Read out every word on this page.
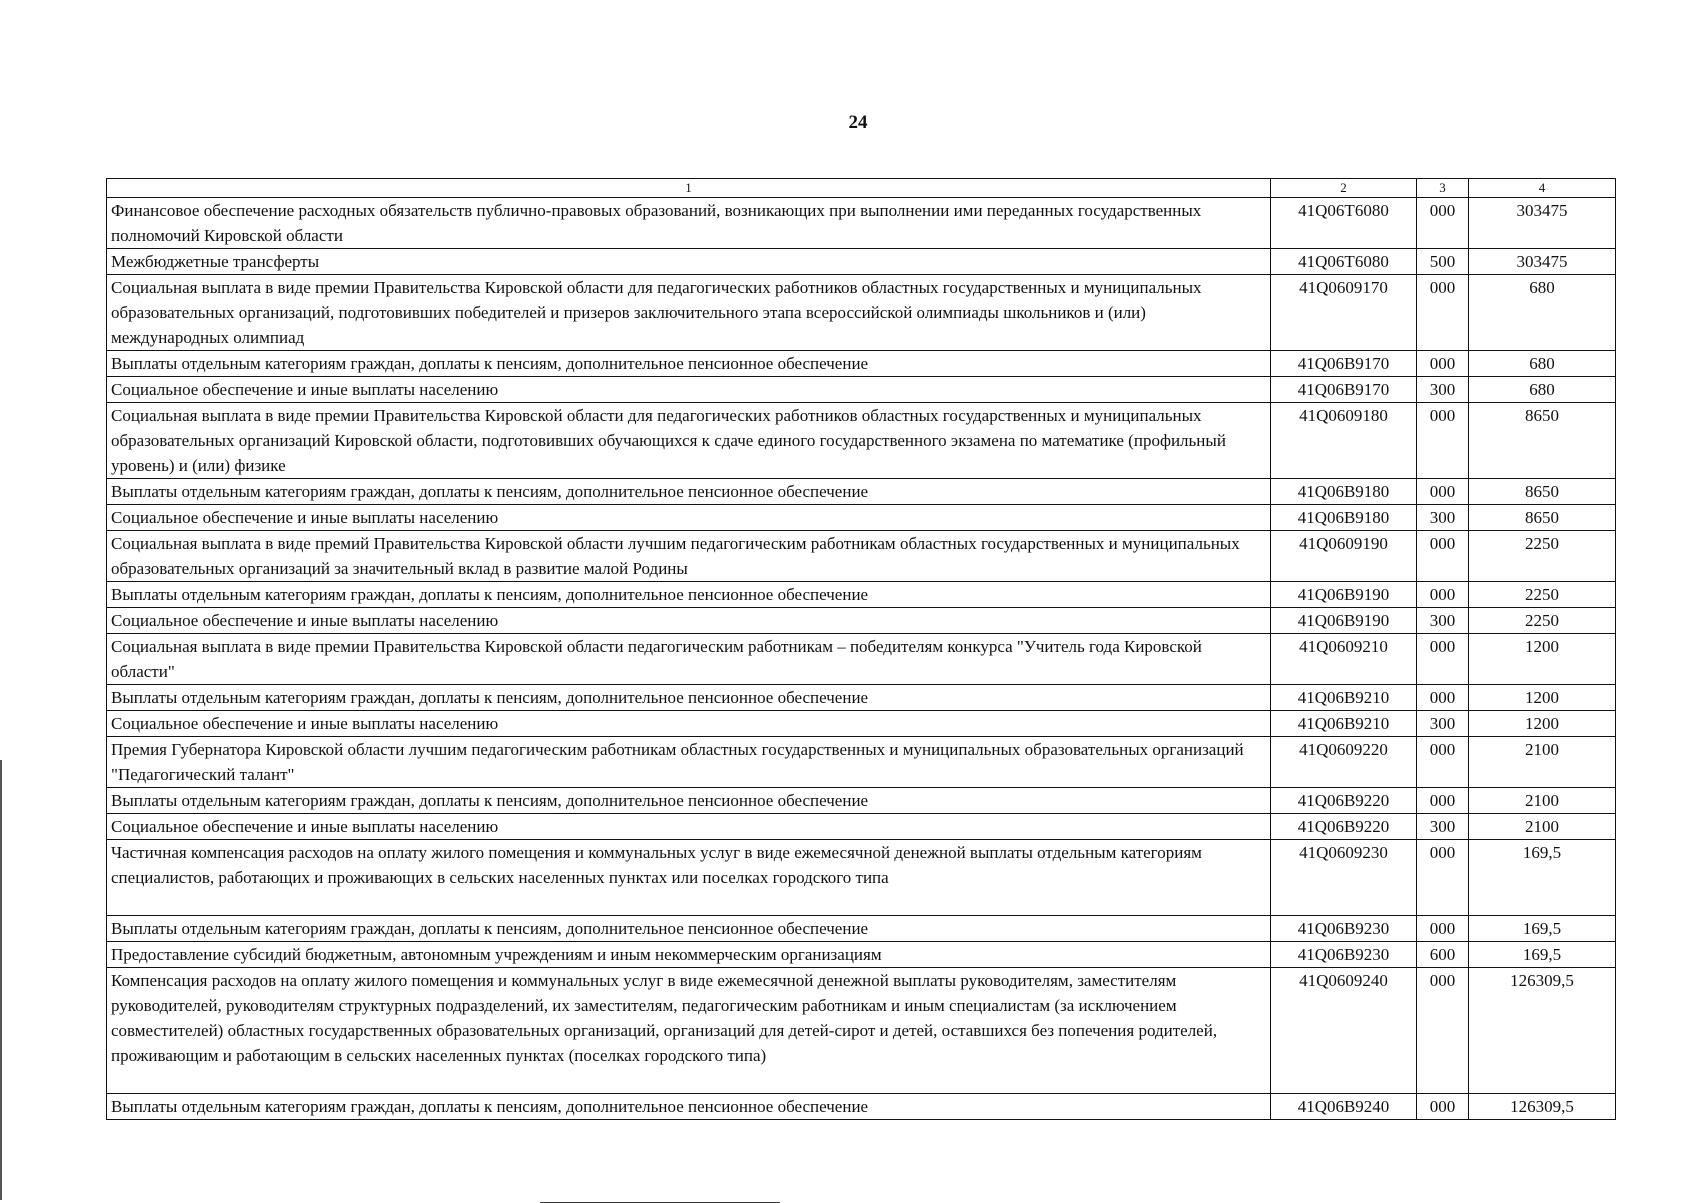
24
1	2	3	4
Финансовое обеспечение расходных обязательств публично-правовых образований, возникающих при выполнении ими переданных государственных полномочий Кировской области	41Q06T6080	000	303475
Межбюджетные трансферты	41Q06T6080	500	303475
Социальная выплата в виде премии Правительства Кировской области для педагогических работников областных государственных и муниципальных образовательных организаций, подготовивших победителей и призеров заключительного этапа всероссийской олимпиады школьников и (или) международных олимпиад	41Q0609170	000	680
Выплаты отдельным категориям граждан, доплаты к пенсиям, дополнительное пенсионное обеспечение	41Q06B9170	000	680
Социальное обеспечение и иные выплаты населению	41Q06B9170	300	680
Социальная выплата в виде премии Правительства Кировской области для педагогических работников областных государственных и муниципальных образовательных организаций Кировской области, подготовивших обучающихся к сдаче единого государственного экзамена по математике (профильный уровень) и (или) физике	41Q0609180	000	8650
Выплаты отдельным категориям граждан, доплаты к пенсиям, дополнительное пенсионное обеспечение	41Q06B9180	000	8650
Социальное обеспечение и иные выплаты населению	41Q06B9180	300	8650
Социальная выплата в виде премий Правительства Кировской области лучшим педагогическим работникам областных государственных и муниципальных образовательных организаций за значительный вклад в развитие малой Родины	41Q0609190	000	2250
Выплаты отдельным категориям граждан, доплаты к пенсиям, дополнительное пенсионное обеспечение	41Q06B9190	000	2250
Социальное обеспечение и иные выплаты населению	41Q06B9190	300	2250
Социальная выплата в виде премии Правительства Кировской области педагогическим работникам – победителям конкурса "Учитель года Кировской области"	41Q0609210	000	1200
Выплаты отдельным категориям граждан, доплаты к пенсиям, дополнительное пенсионное обеспечение	41Q06B9210	000	1200
Социальное обеспечение и иные выплаты населению	41Q06B9210	300	1200
Премия Губернатора Кировской области лучшим педагогическим работникам областных государственных и муниципальных образовательных организаций "Педагогический талант"	41Q0609220	000	2100
Выплаты отдельным категориям граждан, доплаты к пенсиям, дополнительное пенсионное обеспечение	41Q06B9220	000	2100
Социальное обеспечение и иные выплаты населению	41Q06B9220	300	2100
Частичная компенсация расходов на оплату жилого помещения и коммунальных услуг в виде ежемесячной денежной выплаты отдельным категориям специалистов, работающих и проживающих в сельских населенных пунктах или поселках городского типа	41Q0609230	000	169,5
Выплаты отдельным категориям граждан, доплаты к пенсиям, дополнительное пенсионное обеспечение	41Q06B9230	000	169,5
Предоставление субсидий бюджетным, автономным учреждениям и иным некоммерческим организациям	41Q06B9230	600	169,5
Компенсация расходов на оплату жилого помещения и коммунальных услуг в виде ежемесячной денежной выплаты руководителям, заместителям руководителей, руководителям структурных подразделений, их заместителям, педагогическим работникам и иным специалистам (за исключением совместителей) областных государственных образовательных организаций, организаций для детей-сирот и детей, оставшихся без попечения родителей, проживающим и работающим в сельских населенных пунктах (поселках городского типа)	41Q0609240	000	126309,5
Выплаты отдельным категориям граждан, доплаты к пенсиям, дополнительное пенсионное обеспечение	41Q06B9240	000	126309,5
